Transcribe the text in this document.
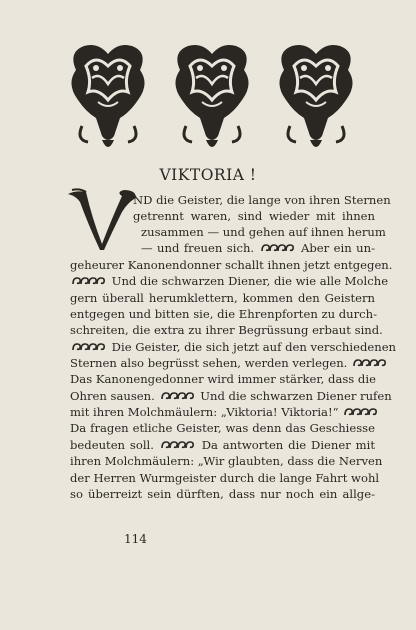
VIKTORIA !
ND die Geister, die lange von ihren Sternen
getrennt waren, sind wieder mit ihnen
zusammen — und gehen auf ihnen herum
— und freuen sich.	Aber ein un-
geheurer Kanonendonner schallt ihnen jetzt entgegen.
Und die schwarzen Diener, die wie alle Molche
gern überall herumklettern, kommen den Geistern
entgegen und bitten sie, die Ehrenpforten zu durch-
schreiten, die extra zu ihrer Begrüssung erbaut sind.
Die Geister, die sich jetzt auf den verschiedenen
Sternen also begrüsst sehen, werden verlegen.
Das Kanonengedonner wird immer stärker, dass die
Ohren sausen.	Und die schwarzen Diener rufen
mit ihren Molchmäulern: „Viktoria! Viktoria!“
Da fragen etliche Geister, was denn das Geschiesse
bedeuten soll.	Da antworten die Diener mit
ihren Molchmäulern: „Wir glaubten, dass die Nerven
der Herren Wurmgeister durch die lange Fahrt wohl
so überreizt sein dürften, dass nur noch ein allge-
114
